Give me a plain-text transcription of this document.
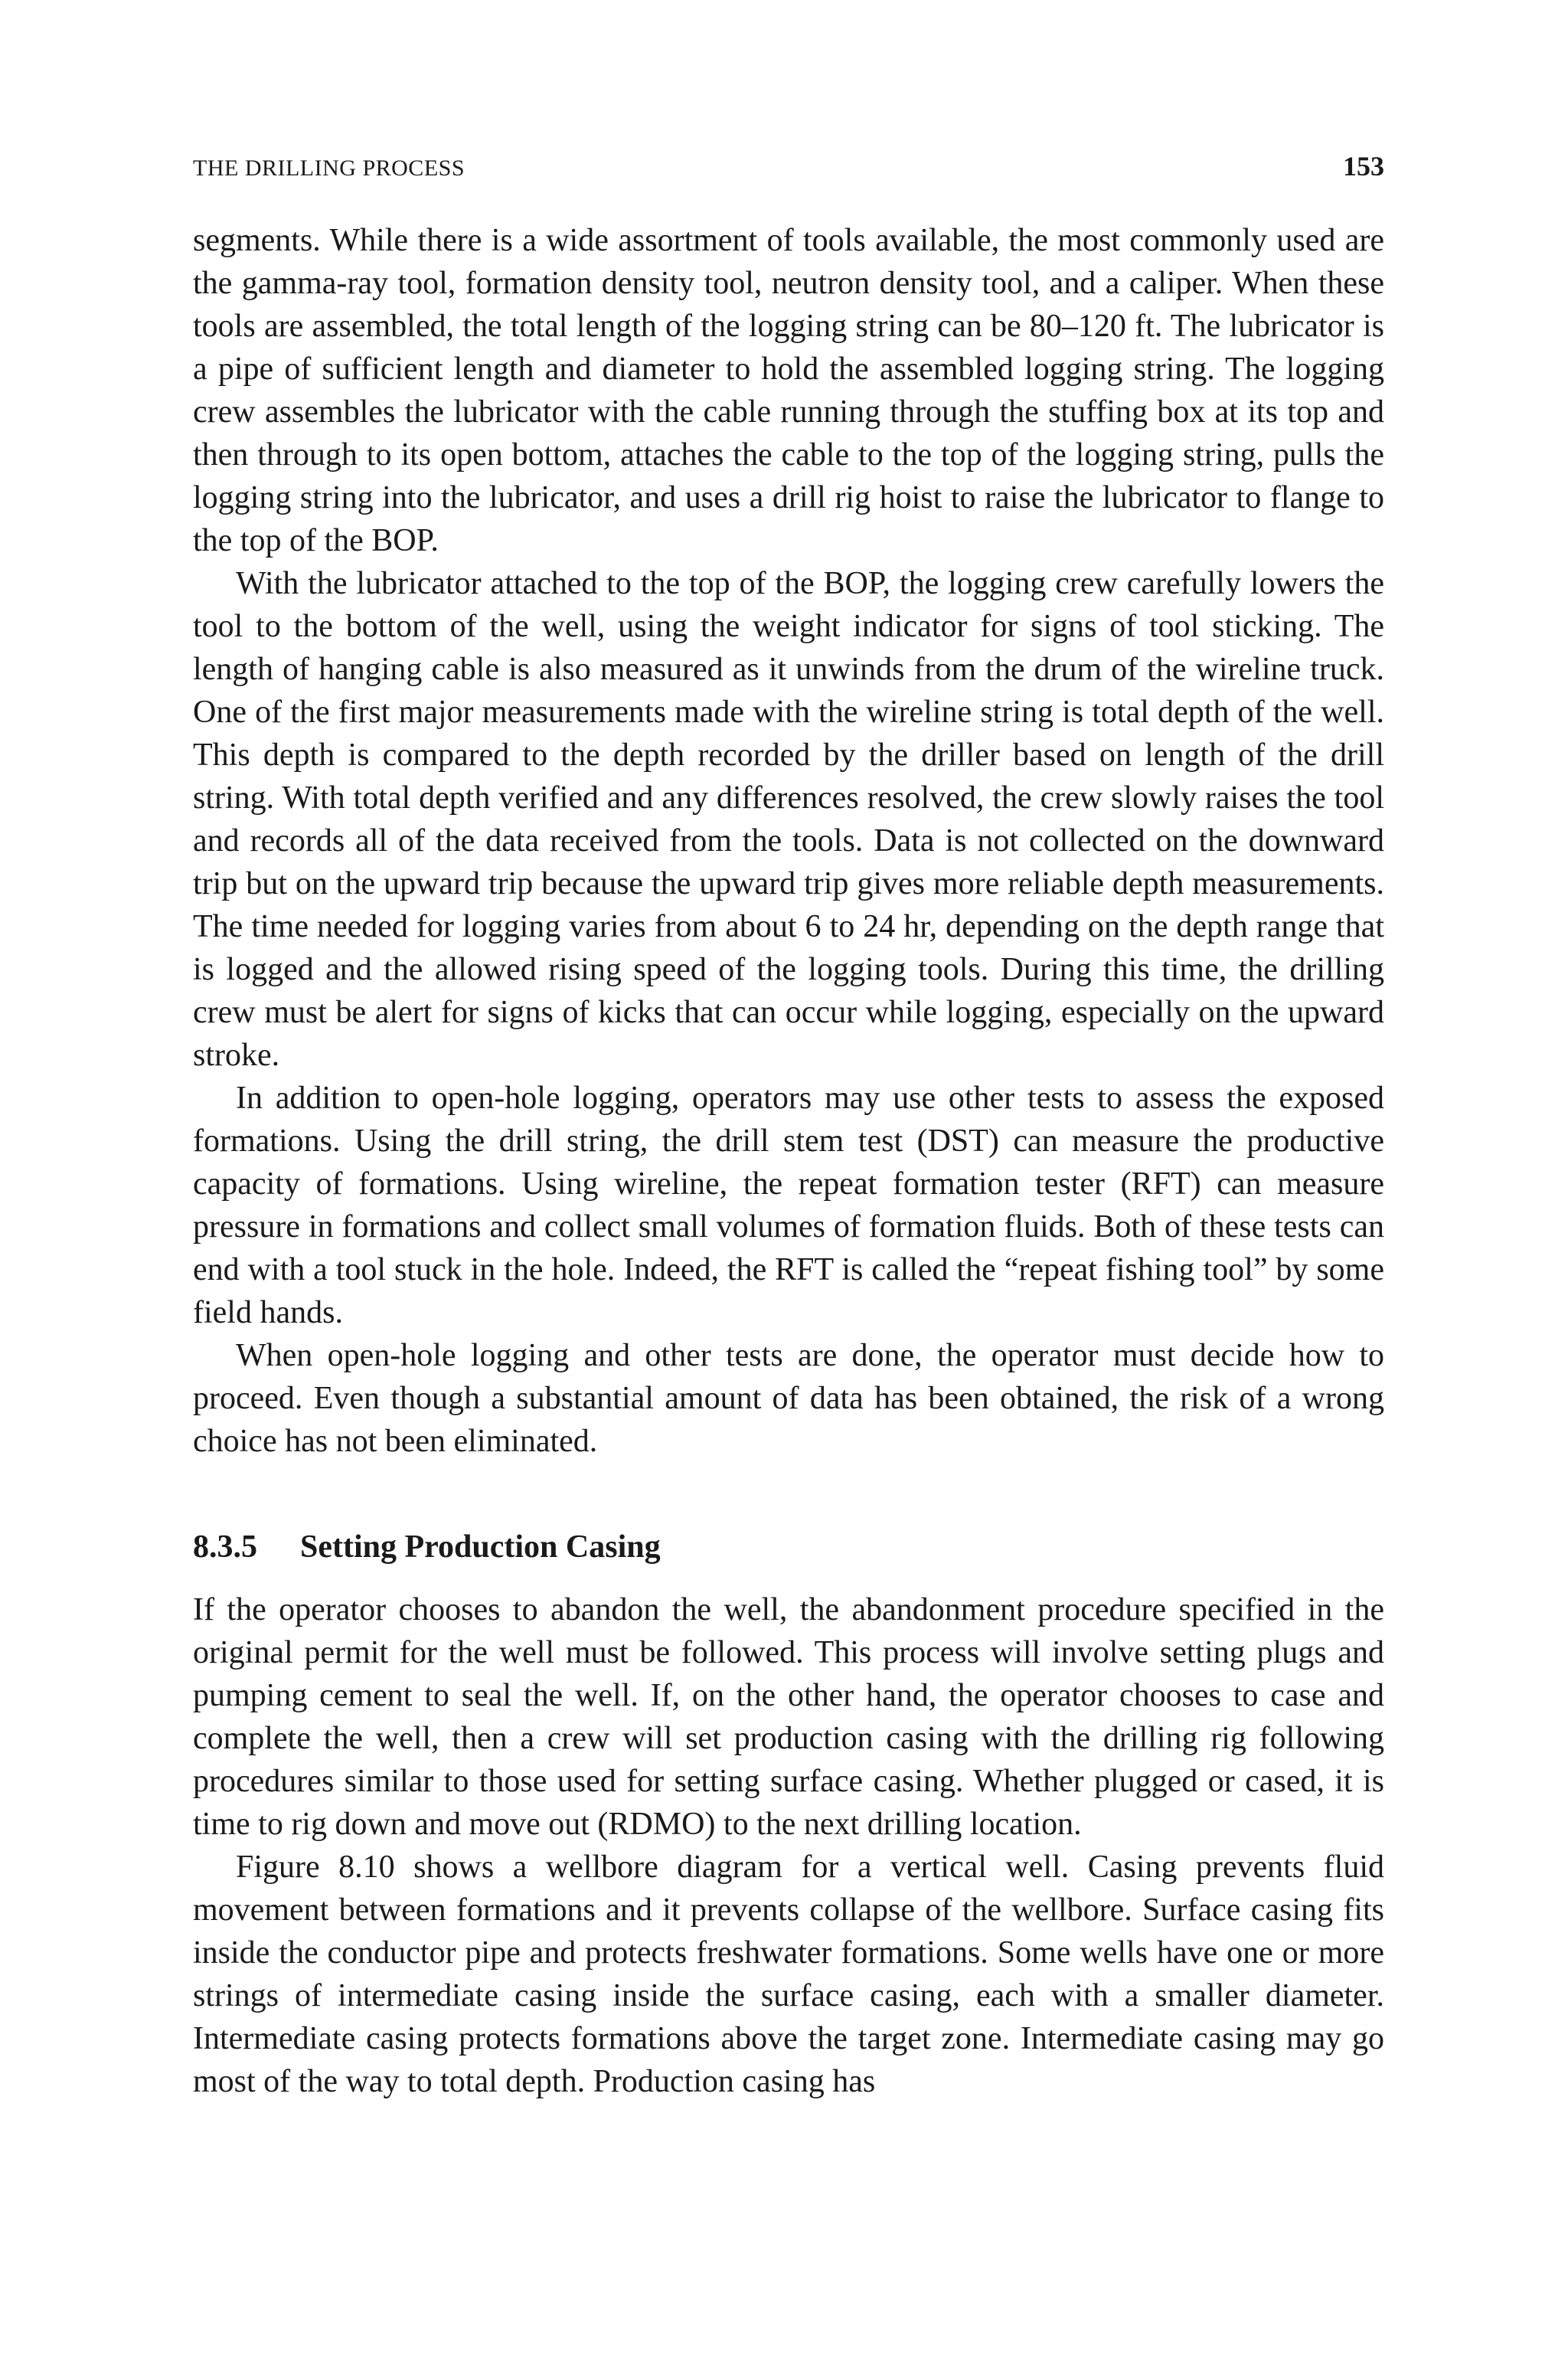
THE DRILLING PROCESS	153

segments. While there is a wide assortment of tools available, the most commonly used are the gamma-ray tool, formation density tool, neutron density tool, and a caliper. When these tools are assembled, the total length of the logging string can be 80–120 ft. The lubricator is a pipe of sufficient length and diameter to hold the assembled logging string. The logging crew assembles the lubricator with the cable running through the stuffing box at its top and then through to its open bottom, attaches the cable to the top of the logging string, pulls the logging string into the lubricator, and uses a drill rig hoist to raise the lubricator to flange to the top of the BOP.

With the lubricator attached to the top of the BOP, the logging crew carefully lowers the tool to the bottom of the well, using the weight indicator for signs of tool sticking. The length of hanging cable is also measured as it unwinds from the drum of the wireline truck. One of the first major measurements made with the wireline string is total depth of the well. This depth is compared to the depth recorded by the driller based on length of the drill string. With total depth verified and any differences resolved, the crew slowly raises the tool and records all of the data received from the tools. Data is not collected on the downward trip but on the upward trip because the upward trip gives more reliable depth measurements. The time needed for logging varies from about 6 to 24 hr, depending on the depth range that is logged and the allowed rising speed of the logging tools. During this time, the drilling crew must be alert for signs of kicks that can occur while logging, especially on the upward stroke.

In addition to open-hole logging, operators may use other tests to assess the exposed formations. Using the drill string, the drill stem test (DST) can measure the productive capacity of formations. Using wireline, the repeat formation tester (RFT) can measure pressure in formations and collect small volumes of formation fluids. Both of these tests can end with a tool stuck in the hole. Indeed, the RFT is called the “repeat fishing tool” by some field hands.

When open-hole logging and other tests are done, the operator must decide how to proceed. Even though a substantial amount of data has been obtained, the risk of a wrong choice has not been eliminated.

8.3.5	Setting Production Casing

If the operator chooses to abandon the well, the abandonment procedure specified in the original permit for the well must be followed. This process will involve setting plugs and pumping cement to seal the well. If, on the other hand, the operator chooses to case and complete the well, then a crew will set production casing with the drilling rig following procedures similar to those used for setting surface casing. Whether plugged or cased, it is time to rig down and move out (RDMO) to the next drilling location.

Figure 8.10 shows a wellbore diagram for a vertical well. Casing prevents fluid movement between formations and it prevents collapse of the wellbore. Surface casing fits inside the conductor pipe and protects freshwater formations. Some wells have one or more strings of intermediate casing inside the surface casing, each with a smaller diameter. Intermediate casing protects formations above the target zone. Intermediate casing may go most of the way to total depth. Production casing has
